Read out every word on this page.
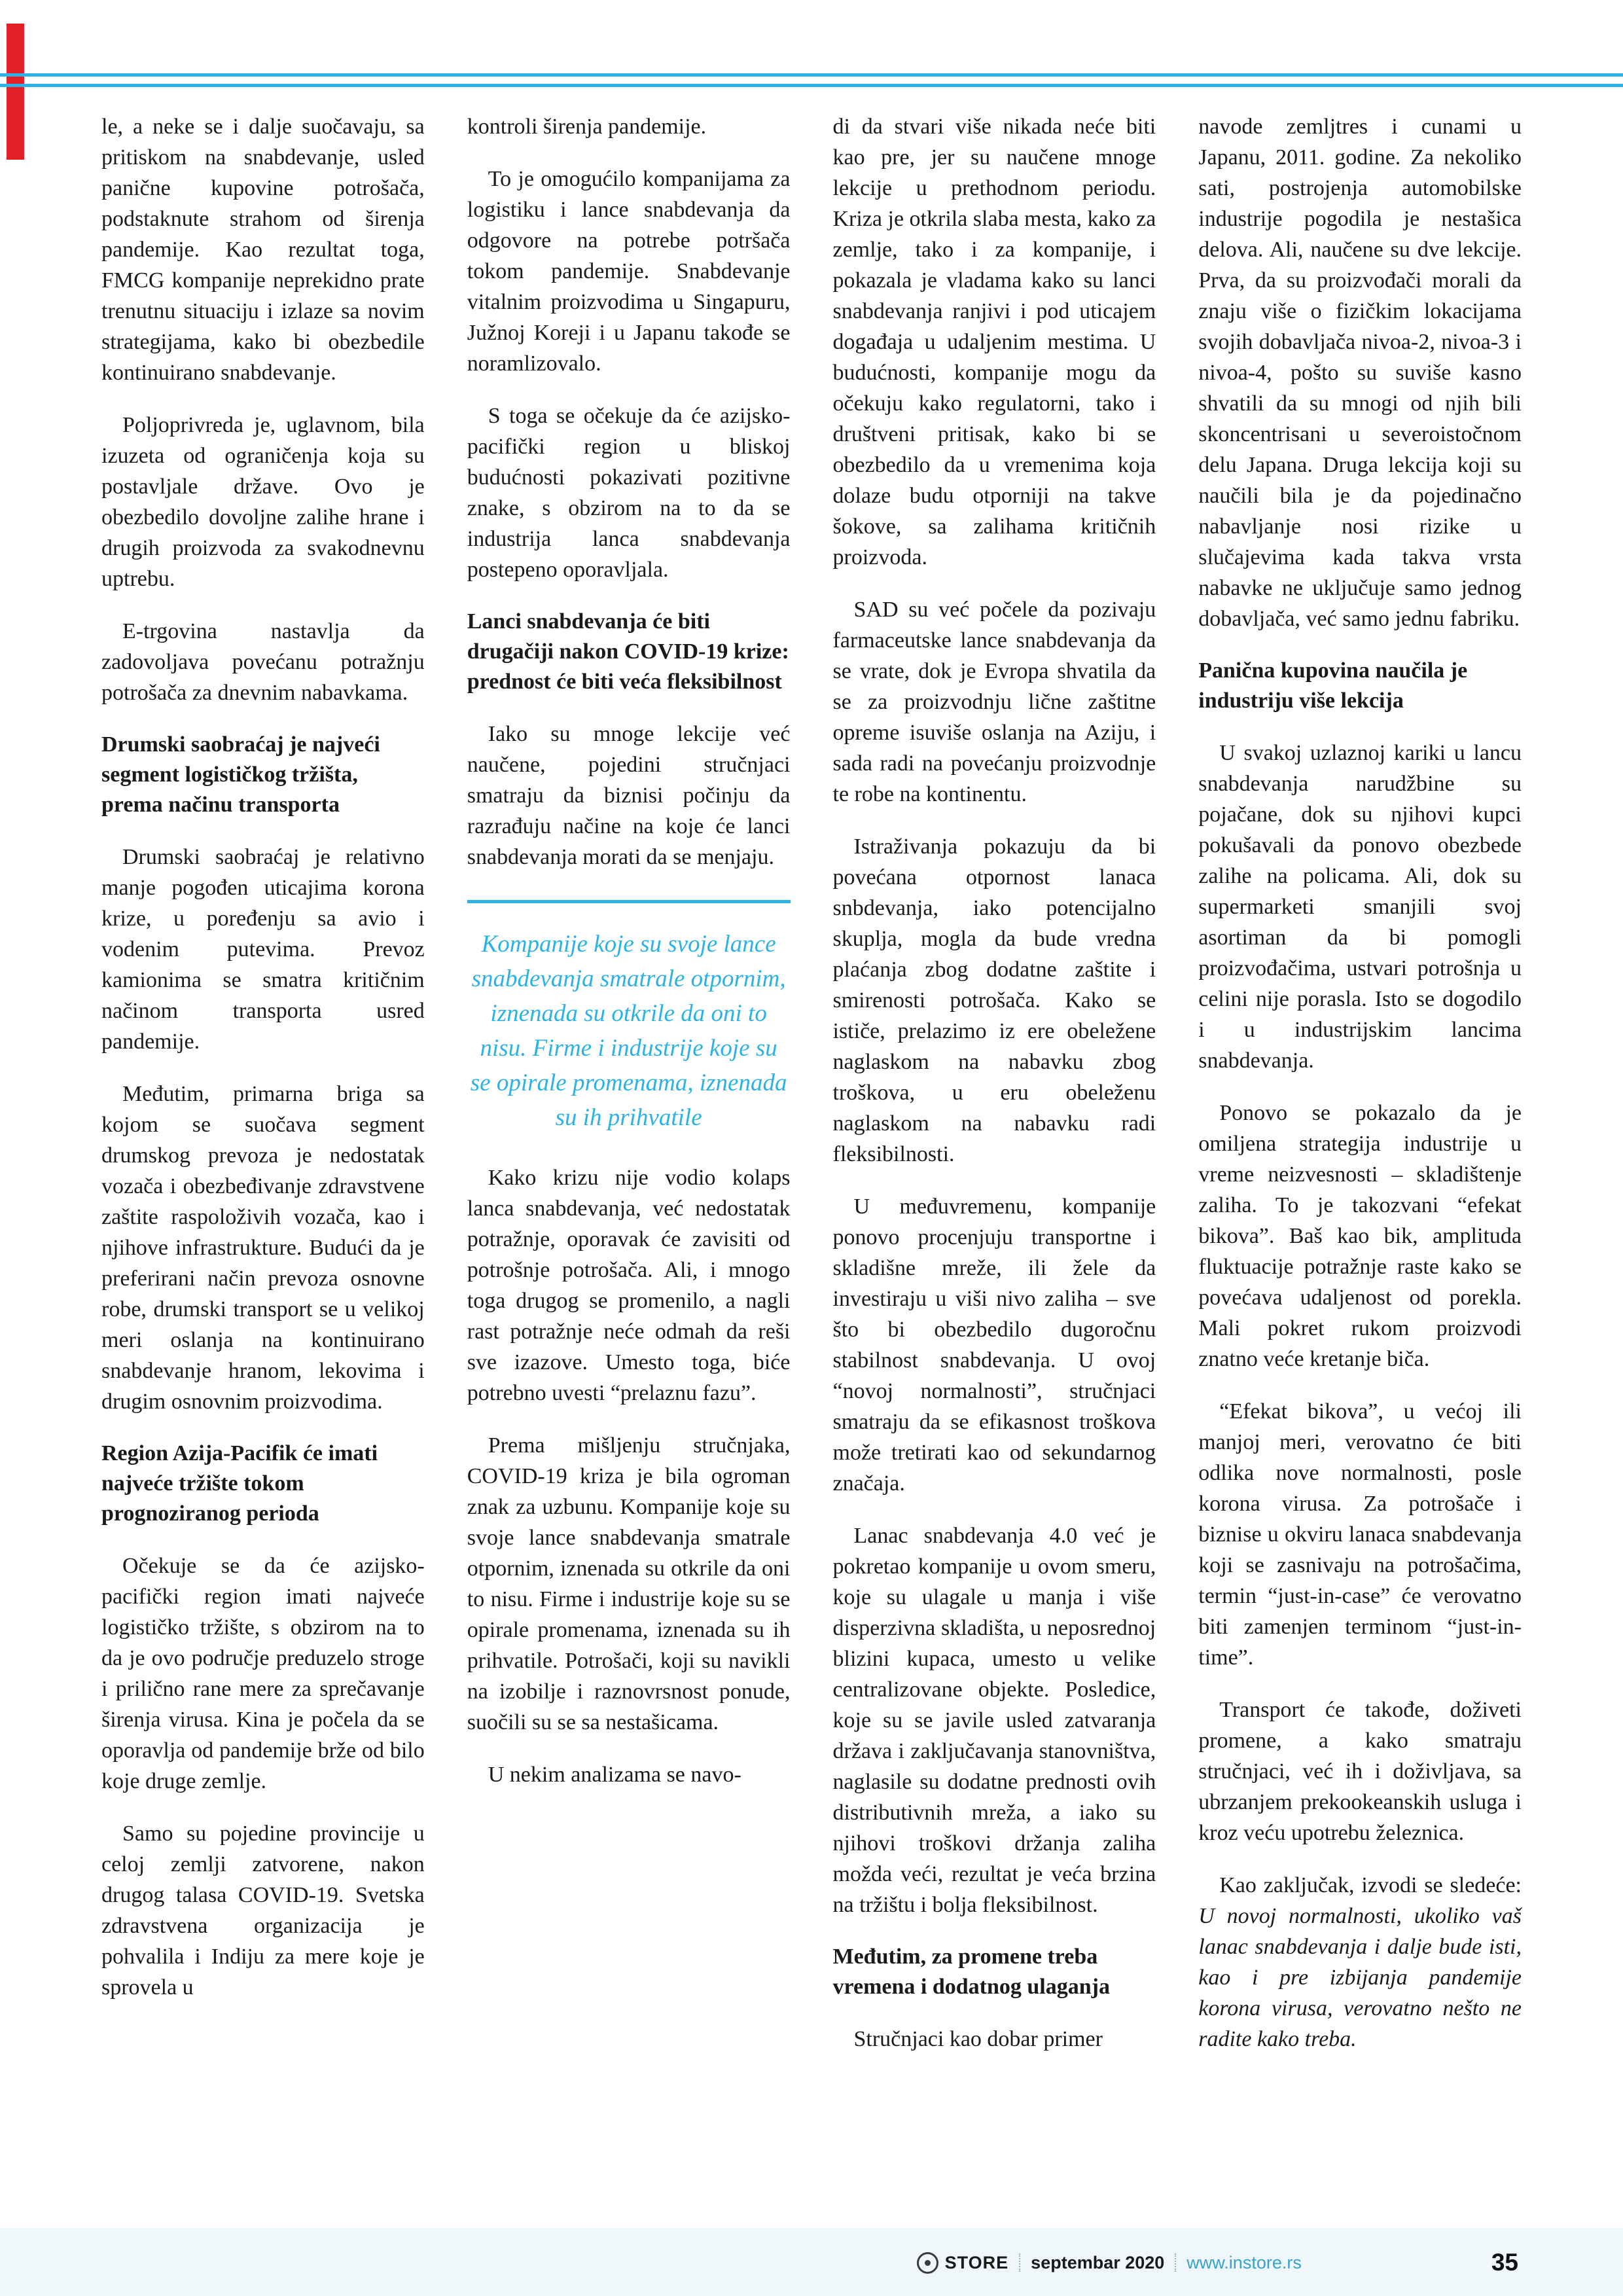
le, a neke se i dalje suočavaju, sa pritiskom na snabdevanje, usled panične kupovine potrošača, podstaknute strahom od širenja pandemije. Kao rezultat toga, FMCG kompanije neprekidno prate trenutnu situaciju i izlaze sa novim strategijama, kako bi obezbedile kontinuirano snabdevanje.

Poljoprivreda je, uglavnom, bila izuzeta od ograničenja koja su postavljale države. Ovo je obezbedilo dovoljne zalihe hrane i drugih proizvoda za svakodnevnu uptrebu.

E-trgovina nastavlja da zadovoljava povećanu potražnju potrošača za dnevnim nabavkama.

Drumski saobraćaj je najveći segment logističkog tržišta, prema načinu transporta

Drumski saobraćaj je relativno manje pogođen uticajima korona krize, u poređenju sa avio i vodenim putevima. Prevoz kamionima se smatra kritičnim načinom transporta usred pandemije.

Međutim, primarna briga sa kojom se suočava segment drumskog prevoza je nedostatak vozača i obezbeđivanje zdravstvene zaštite raspoloživih vozača, kao i njihove infrastrukture. Budući da je preferirani način prevoza osnovne robe, drumski transport se u velikoj meri oslanja na kontinuirano snabdevanje hranom, lekovima i drugim osnovnim proizvodima.

Region Azija-Pacifik će imati najveće tržište tokom prognoziranog perioda

Očekuje se da će azijsko-pacifički region imati najveće logističko tržište, s obzirom na to da je ovo područje preduzelo stroge i prilično rane mere za sprečavanje širenja virusa. Kina je počela da se oporavlja od pandemije brže od bilo koje druge zemlje.

Samo su pojedine provincije u celoj zemlji zatvorene, nakon drugog talasa COVID-19. Svetska zdravstvena organizacija je pohvalila i Indiju za mere koje je sprovela u

kontroli širenja pandemije.

To je omogućilo kompanijama za logistiku i lance snabdevanja da odgovore na potrebe potršača tokom pandemije. Snabdevanje vitalnim proizvodima u Singapuru, Južnoj Koreji i u Japanu takođe se noramlizovalo.

S toga se očekuje da će azijsko-pacifički region u bliskoj budućnosti pokazivati pozitivne znake, s obzirom na to da se industrija lanca snabdevanja postepeno oporavljala.

Lanci snabdevanja će biti drugačiji nakon COVID-19 krize: prednost će biti veća fleksibilnost

Iako su mnoge lekcije već naučene, pojedini stručnjaci smatraju da biznisi počinju da razrađuju načine na koje će lanci snabdevanja morati da se menjaju.

Kompanije koje su svoje lance snabdevanja smatrale otpornim, iznenada su otkrile da oni to nisu. Firme i industrije koje su se opirale promenama, iznenada su ih prihvatile

Kako krizu nije vodio kolaps lanca snabdevanja, već nedostatak potražnje, oporavak će zavisiti od potrošnje potrošača. Ali, i mnogo toga drugog se promenilo, a nagli rast potražnje neće odmah da reši sve izazove. Umesto toga, biće potrebno uvesti “prelaznu fazu”.

Prema mišljenju stručnjaka, COVID-19 kriza je bila ogroman znak za uzbunu. Kompanije koje su svoje lance snabdevanja smatrale otpornim, iznenada su otkrile da oni to nisu. Firme i industrije koje su se opirale promenama, iznenada su ih prihvatile. Potrošači, koji su navikli na izobilje i raznovrsnost ponude, suočili su se sa nestašicama.

U nekim analizama se navo-

di da stvari više nikada neće biti kao pre, jer su naučene mnoge lekcije u prethodnom periodu. Kriza je otkrila slaba mesta, kako za zemlje, tako i za kompanije, i pokazala je vladama kako su lanci snabdevanja ranjivi i pod uticajem događaja u udaljenim mestima. U budućnosti, kompanije mogu da očekuju kako regulatorni, tako i društveni pritisak, kako bi se obezbedilo da u vremenima koja dolaze budu otporniji na takve šokove, sa zalihama kritičnih proizvoda.

SAD su već počele da pozivaju farmaceutske lance snabdevanja da se vrate, dok je Evropa shvatila da se za proizvodnju lične zaštitne opreme isuviše oslanja na Aziju, i sada radi na povećanju proizvodnje te robe na kontinentu.

Istraživanja pokazuju da bi povećana otpornost lanaca snbdevanja, iako potencijalno skuplja, mogla da bude vredna plaćanja zbog dodatne zaštite i smirenosti potrošača. Kako se ističe, prelazimo iz ere obeležene naglaskom na nabavku zbog troškova, u eru obeleženu naglaskom na nabavku radi fleksibilnosti.

U međuvremenu, kompanije ponovo procenjuju transportne i skladišne mreže, ili žele da investiraju u viši nivo zaliha – sve što bi obezbedilo dugoročnu stabilnost snabdevanja. U ovoj “novoj normalnosti”, stručnjaci smatraju da se efikasnost troškova može tretirati kao od sekundarnog značaja.

Lanac snabdevanja 4.0 već je pokretao kompanije u ovom smeru, koje su ulagale u manja i više disperzivna skladišta, u neposrednoj blizini kupaca, umesto u velike centralizovane objekte. Posledice, koje su se javile usled zatvaranja država i zaključavanja stanovništva, naglasile su dodatne prednosti ovih distributivnih mreža, a iako su njihovi troškovi držanja zaliha možda veći, rezultat je veća brzina na tržištu i bolja fleksibilnost.

Međutim, za promene treba vremena i dodatnog ulaganja

Stručnjaci kao dobar primer

navode zemljtres i cunami u Japanu, 2011. godine. Za nekoliko sati, postrojenja automobilske industrije pogodila je nestašica delova. Ali, naučene su dve lekcije. Prva, da su proizvođači morali da znaju više o fizičkim lokacijama svojih dobavljača nivoa-2, nivoa-3 i nivoa-4, pošto su suviše kasno shvatili da su mnogi od njih bili skoncentrisani u severoistočnom delu Japana. Druga lekcija koji su naučili bila je da pojedinačno nabavljanje nosi rizike u slučajevima kada takva vrsta nabavke ne uključuje samo jednog dobavljača, već samo jednu fabriku.

Panična kupovina naučila je industriju više lekcija

U svakoj uzlaznoj kariki u lancu snabdevanja narudžbine su pojačane, dok su njihovi kupci pokušavali da ponovo obezbede zalihe na policama. Ali, dok su supermarketi smanjili svoj asortiman da bi pomogli proizvođačima, ustvari potrošnja u celini nije porasla. Isto se dogodilo i u industrijskim lancima snabdevanja.

Ponovo se pokazalo da je omiljena strategija industrije u vreme neizvesnosti – skladištenje zaliha. To je takozvani “efekat bikova”. Baš kao bik, amplituda fluktuacije potražnje raste kako se povećava udaljenost od porekla. Mali pokret rukom proizvodi znatno veće kretanje biča.

“Efekat bikova”, u većoj ili manjoj meri, verovatno će biti odlika nove normalnosti, posle korona virusa. Za potrošače i biznise u okviru lanaca snabdevanja koji se zasnivaju na potrošačima, termin “just-in-case” će verovatno biti zamenjen terminom “just-in-time”.

Transport će takođe, doživeti promene, a kako smatraju stručnjaci, već ih i doživljava, sa ubrzanjem prekookeanskih usluga i kroz veću upotrebu železnica.

Kao zaključak, izvodi se sledeće: U novoj normalnosti, ukoliko vaš lanac snabdevanja i dalje bude isti, kao i pre izbijanja pandemije korona virusa, verovatno nešto ne radite kako treba.

STORE septembar 2020 www.instore.rs	35
